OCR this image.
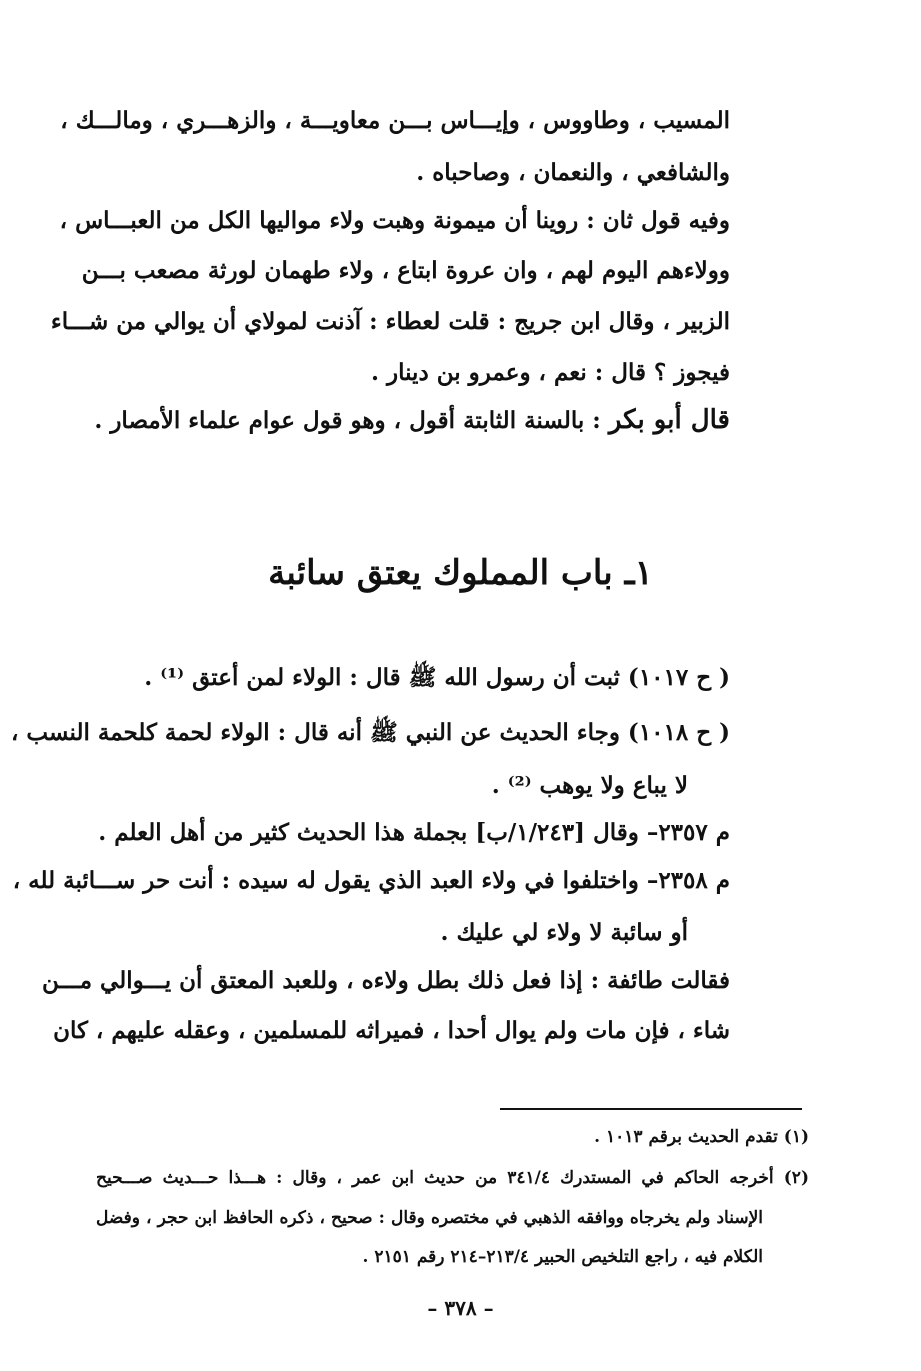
المسيب ، وطاووس ، وإيـــاس بـــن معاويـــة ، والزهـــري ، ومالـــك ،
والشافعي ، والنعمان ، وصاحباه .
وفيه قول ثان : روينا أن ميمونة وهبت ولاء مواليها الكل من العبـــاس ،
وولاءهم اليوم لهم ، وان عروة ابتاع ، ولاء طهمان لورثة مصعب بـــن
الزبير ، وقال ابن جريج : قلت لعطاء : آذنت لمولاي أن يوالي من شـــاء
فيجوز ؟ قال : نعم ، وعمرو بن دينار .
قال أبو بكر : بالسنة الثابتة أقول ، وهو قول عوام علماء الأمصار .
١ـ باب المملوك يعتق سائبة
( ح ١٠١٧) ثبت أن رسول الله ﷺ قال : الولاء لمن أعتق ⁽¹⁾ .
( ح ١٠١٨) وجاء الحديث عن النبي ﷺ أنه قال : الولاء لحمة كلحمة النسب ،
لا يباع ولا يوهب ⁽²⁾ .
م ٢٣٥٧– وقال [١/٢٤٣/ب] بجملة هذا الحديث كثير من أهل العلم .
م ٢٣٥٨– واختلفوا في ولاء العبد الذي يقول له سيده : أنت حر ســـائبة لله ،
أو سائبة لا ولاء لي عليك .
فقالت طائفة : إذا فعل ذلك بطل ولاءه ، وللعبد المعتق أن يـــوالي مـــن
شاء ، فإن مات ولم يوال أحدا ، فميراثه للمسلمين ، وعقله عليهم ، كان
(١) تقدم الحديث برقم ١٠١٣ .
(٢) أخرجه الحاكم في المستدرك ٣٤١/٤ من حديث ابن عمر ، وقال : هـــذا حـــديث صـــحيح
الإسناد ولم يخرجاه ووافقه الذهبي في مختصره وقال : صحيح ، ذكره الحافظ ابن حجر ، وفضل
الكلام فيه ، راجع التلخيص الحبير ٢١٣/٤–٢١٤ رقم ٢١٥١ .
– ٣٧٨ –
